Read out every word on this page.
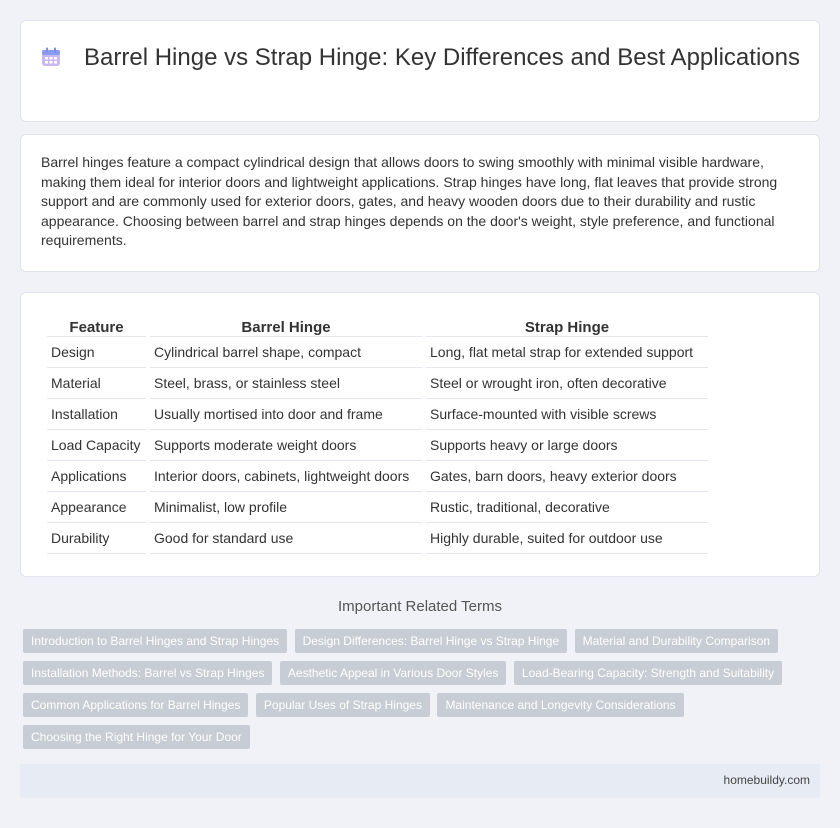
Barrel Hinge vs Strap Hinge: Key Differences and Best Applications

Barrel hinges feature a compact cylindrical design that allows doors to swing smoothly with minimal visible hardware, making them ideal for interior doors and lightweight applications. Strap hinges have long, flat leaves that provide strong support and are commonly used for exterior doors, gates, and heavy wooden doors due to their durability and rustic appearance. Choosing between barrel and strap hinges depends on the door's weight, style preference, and functional requirements.

Feature	Barrel Hinge	Strap Hinge
Design	Cylindrical barrel shape, compact	Long, flat metal strap for extended support
Material	Steel, brass, or stainless steel	Steel or wrought iron, often decorative
Installation	Usually mortised into door and frame	Surface-mounted with visible screws
Load Capacity	Supports moderate weight doors	Supports heavy or large doors
Applications	Interior doors, cabinets, lightweight doors	Gates, barn doors, heavy exterior doors
Appearance	Minimalist, low profile	Rustic, traditional, decorative
Durability	Good for standard use	Highly durable, suited for outdoor use
Important Related Terms
Introduction to Barrel Hinges and Strap Hinges Design Differences: Barrel Hinge vs Strap Hinge Material and Durability Comparison Installation Methods: Barrel vs Strap Hinges Aesthetic Appeal in Various Door Styles Load-Bearing Capacity: Strength and Suitability Common Applications for Barrel Hinges Popular Uses of Strap Hinges Maintenance and Longevity Considerations Choosing the Right Hinge for Your Door
homebuildy.com
